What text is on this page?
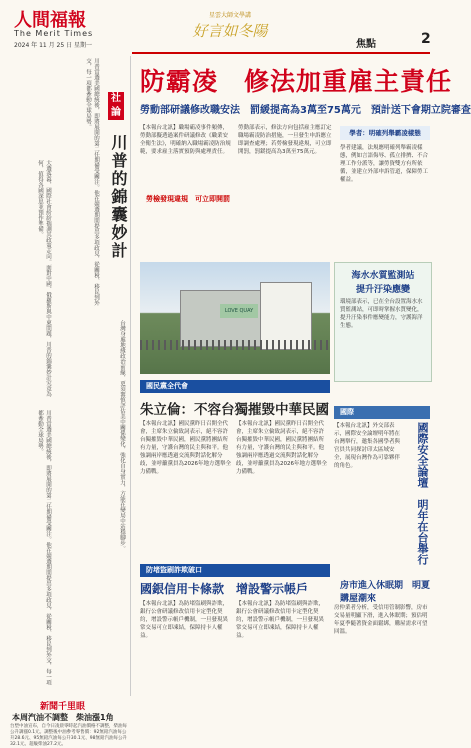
人間福報
The Merit Times
2024 年 11 月 25 日 星期一
星雲大師文學講
好言如冬陽
焦點	2
社論
川普的錦囊妙計
川普當選美國總統後，即將展開的第二任期備受關注。他在競選期間提出多項政見，從關稅、移民到外交，每一項都牽動全球局勢。
大選落幕，國際社會紛紛揣測其政策走向。面對中國、俄羅斯與中東問題，川普的錦囊妙計究竟為何，值得各國深思並預作準備。
台灣身處地緣政治前線，更須審慎評估美中關係變化，強化自身實力，方能在變局中站穩腳步。
川普當選美國總統後，即將展開的第二任期備受關注。他在競選期間提出多項政見，從關稅、移民到外交，每一項都牽動全球局勢。
新聞千里眼
本周汽油不調整　柴油漲1角
台塑中油宣布，自今日凌晨零時起汽油價格不調整，柴油每公升調漲0.1元。調整後中油參考零售價：92無鉛汽油每公升28.6元、95無鉛汽油每公升30.1元、98無鉛汽油每公升32.1元、超級柴油27.2元。
防霸凌　修法加重雇主責任
勞動部研議修改職安法　罰緩提高為3萬至75萬元　預計送下會期立院審查
【本報台北訊】職場霸凌事件頻傳，勞動部擬透過案件研議修改《職業安全衛生法》，明確納入職場霸凌防治規範，要求雇主落實預防與處理責任。
勞檢發現違規　可立即開罰
勞動部表示，修法方向包括雇主應訂定職場霸凌防治措施，一旦發生申訴應立即調查處理；若勞檢發現違規，可立即開罰，罰鍰提高為3萬至75萬元。
學者：明確列舉霸凌樣態
學者建議，法規應明確列舉霸凌樣態，例如言語侮辱、孤立排擠、不合理工作分派等，讓勞資雙方有所依循，並建立外部申訴管道，保障勞工權益。
LOVE QUAY
海水水質監測站
提升汙染應變
環境部表示，已在全台設置海水水質監測站，可即時掌握水質變化，提升汙染事件應變能力，守護海洋生態。
國民黨全代會
朱立倫：不容台獨摧毀中華民國
【本報台北訊】國民黨昨日召開全代會，主席朱立倫致詞表示，絕不容許台獨摧毀中華民國，國民黨將團結所有力量，守護台灣的民主與和平。他強調兩岸應透過交流與對話化解分歧，並呼籲黨員為2026年地方選舉全力備戰。
【本報台北訊】國民黨昨日召開全代會，主席朱立倫致詞表示，絕不容許台獨摧毀中華民國，國民黨將團結所有力量，守護台灣的民主與和平。他強調兩岸應透過交流與對話化解分歧，並呼籲黨員為2026年地方選舉全力備戰。
國際
【本報台北訊】外交部表示，國際安全論壇明年將在台灣舉行，邀集各國學者與官員共同探討印太區域安全，展現台灣作為可靠夥伴的角色。	國際安全論壇　明年在台舉行
房市進入休眠期　明夏購屋潮來
房仲業者分析，受信用管制影響，房市交易量明顯下滑，進入休眠期；預估明年夏季隨著資金面鬆綁，購屋需求可望回溫。
防堵盜刷詐欺破口
國銀信用卡條款　增設警示帳戶
【本報台北訊】為防堵盜刷與詐欺，銀行公會研議修改信用卡定型化契約，增設警示帳戶機制，一旦發現異常交易可立即凍結，保障持卡人權益。
【本報台北訊】為防堵盜刷與詐欺，銀行公會研議修改信用卡定型化契約，增設警示帳戶機制，一旦發現異常交易可立即凍結，保障持卡人權益。
